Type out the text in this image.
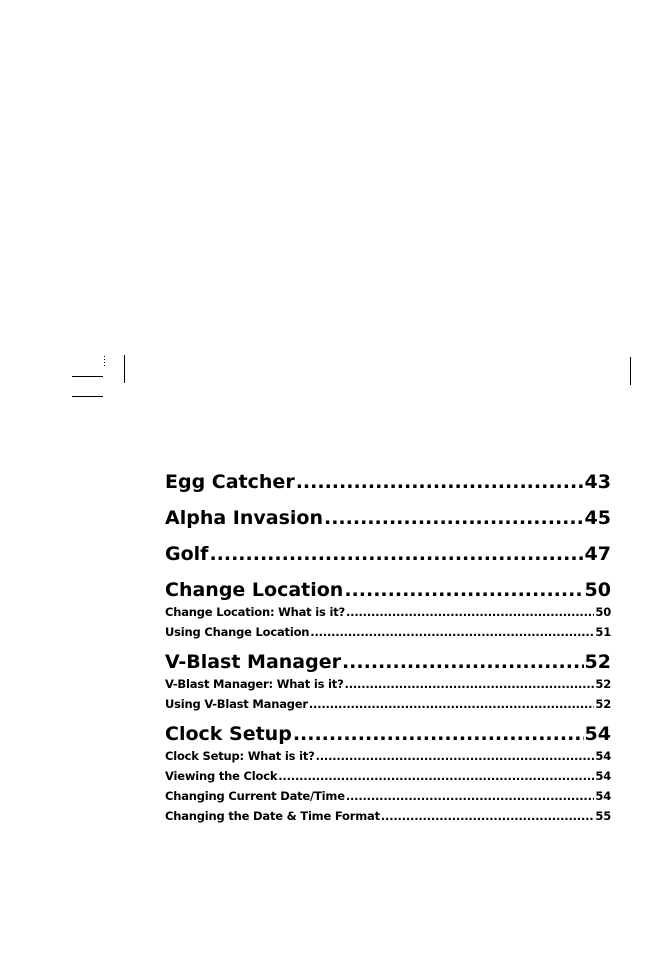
Egg Catcher .....	43
Alpha Invasion .....	45
Golf .....	47
Change Location .....	50
Change Location: What is it? .....	50
Using Change Location .....	51
V-Blast Manager .....	52
V-Blast Manager: What is it? .....	52
Using V-Blast Manager .....	52
Clock Setup .....	54
Clock Setup: What is it? .....	54
Viewing the Clock .....	54
Changing Current Date/Time .....	54
Changing the Date & Time Format .....	55
